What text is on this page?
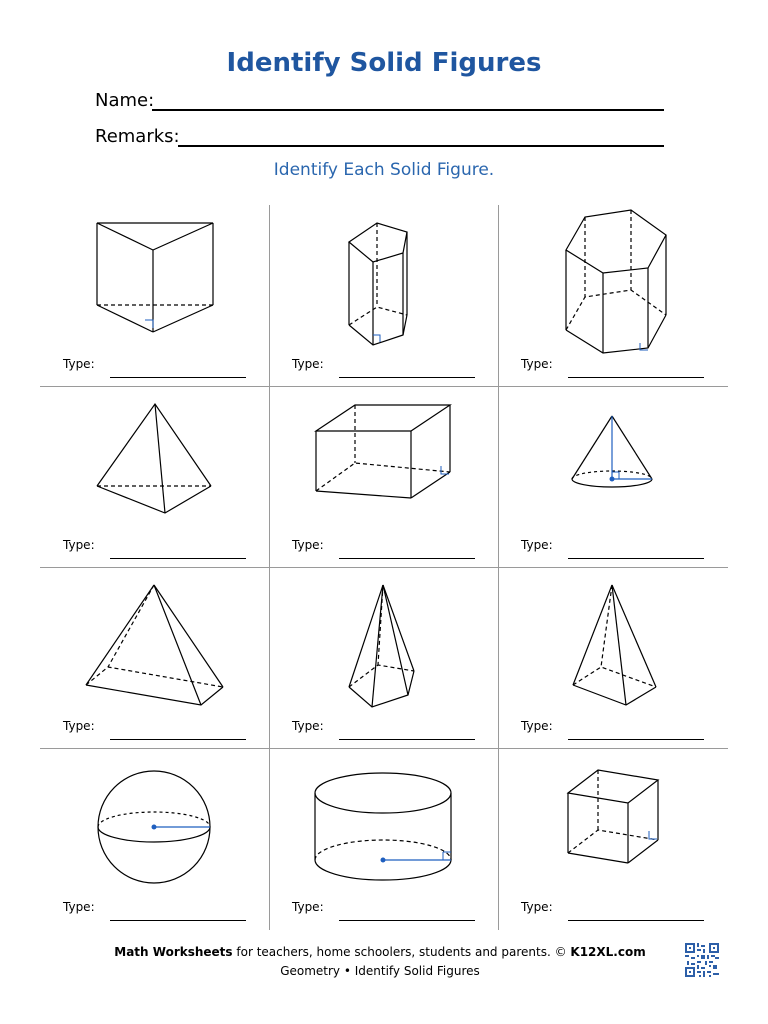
Identify Solid Figures
Name:
Remarks:
Identify Each Solid Figure.
Type:	Type:	Type:
Type:	Type:	Type:
Type:	Type:	Type:
Type:	Type:	Type:
Math Worksheets for teachers, home schoolers, students and parents. © K12XL.com
Geometry • Identify Solid Figures
